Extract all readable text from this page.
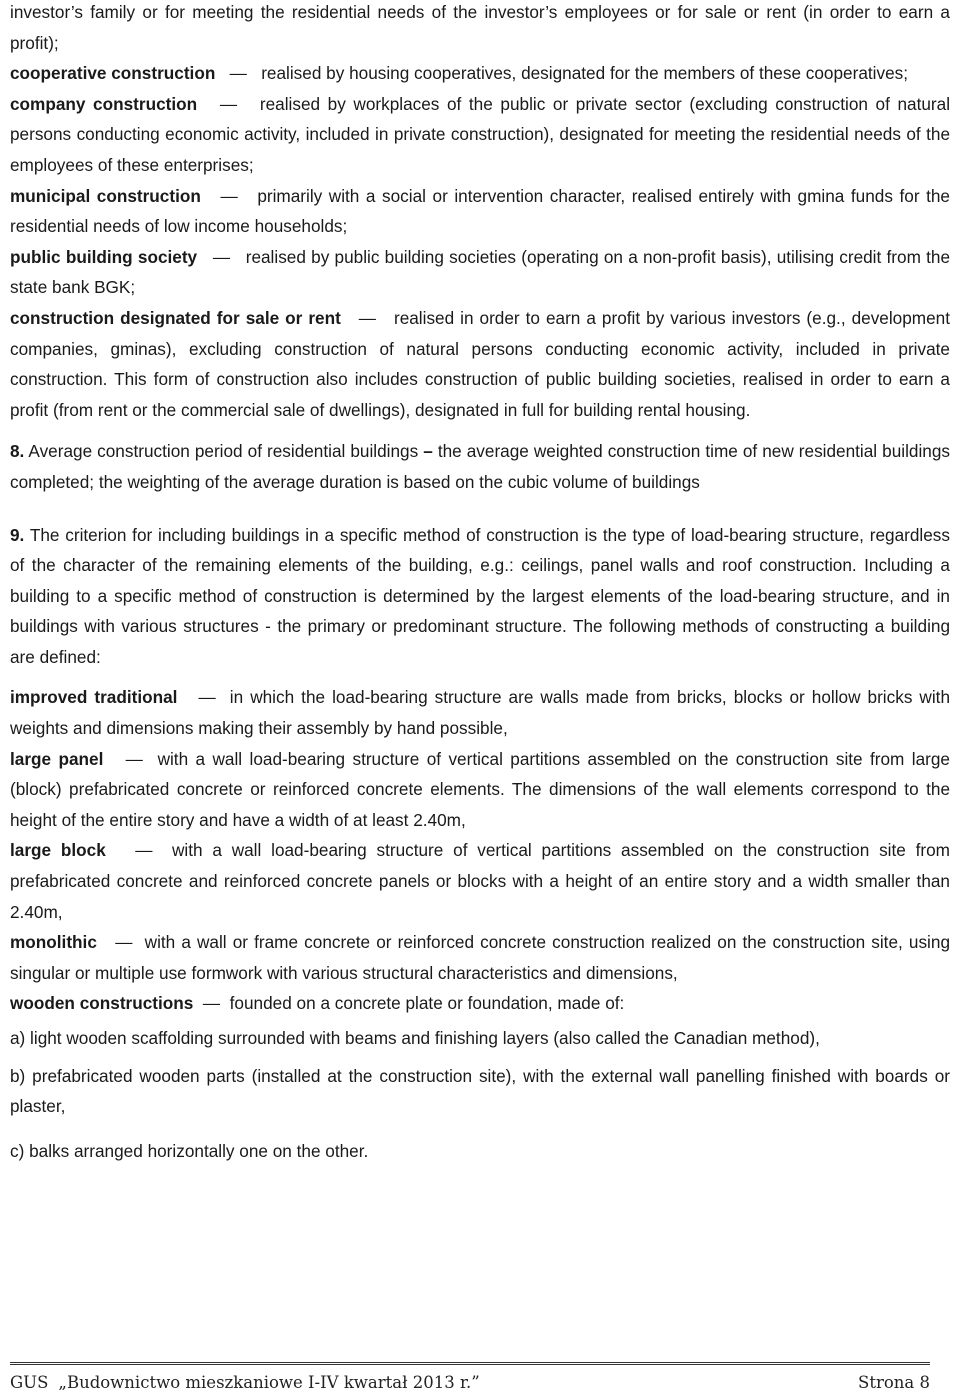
investor’s family or for meeting the residential needs of the investor’s employees or for sale or rent (in order to earn a profit);

cooperative construction — realised by housing cooperatives, designated for the members of these cooperatives;

company construction — realised by workplaces of the public or private sector (excluding construction of natural persons conducting economic activity, included in private construction), designated for meeting the residential needs of the employees of these enterprises;

municipal construction — primarily with a social or intervention character, realised entirely with gmina funds for the residential needs of low income households;

public building society — realised by public building societies (operating on a non-profit basis), utilising credit from the state bank BGK;

construction designated for sale or rent — realised in order to earn a profit by various investors (e.g., development companies, gminas), excluding construction of natural persons conducting economic activity, included in private construction. This form of construction also includes construction of public building societies, realised in order to earn a profit (from rent or the commercial sale of dwellings), designated in full for building rental housing.

8. Average construction period of residential buildings – the average weighted construction time of new residential buildings completed; the weighting of the average duration is based on the cubic volume of buildings

9. The criterion for including buildings in a specific method of construction is the type of load-bearing structure, regardless of the character of the remaining elements of the building, e.g.: ceilings, panel walls and roof construction. Including a building to a specific method of construction is determined by the largest elements of the load-bearing structure, and in buildings with various structures - the primary or predominant structure. The following methods of constructing a building are defined:

improved traditional — in which the load-bearing structure are walls made from bricks, blocks or hollow bricks with weights and dimensions making their assembly by hand possible,

large panel — with a wall load-bearing structure of vertical partitions assembled on the construction site from large (block) prefabricated concrete or reinforced concrete elements. The dimensions of the wall elements correspond to the height of the entire story and have a width of at least 2.40m,

large block — with a wall load-bearing structure of vertical partitions assembled on the construction site from prefabricated concrete and reinforced concrete panels or blocks with a height of an entire story and a width smaller than 2.40m,

monolithic — with a wall or frame concrete or reinforced concrete construction realized on the construction site, using singular or multiple use formwork with various structural characteristics and dimensions,

wooden constructions — founded on a concrete plate or foundation, made of:

a) light wooden scaffolding surrounded with beams and finishing layers (also called the Canadian method),

b) prefabricated wooden parts (installed at the construction site), with the external wall panelling finished with boards or plaster,

c) balks arranged horizontally one on the other.

GUS „Budownictwo mieszkaniowe I-IV kwartał 2013 r.”	Strona 8
